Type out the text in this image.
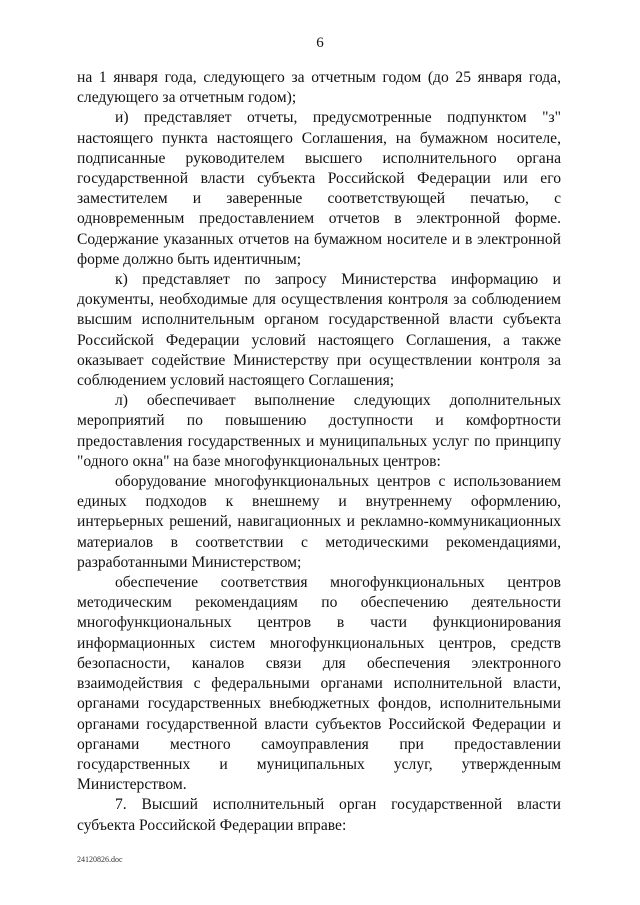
6

на 1 января года, следующего за отчетным годом (до 25 января года, следующего за отчетным годом);

и) представляет отчеты, предусмотренные подпунктом "з" настоящего пункта настоящего Соглашения, на бумажном носителе, подписанные руководителем высшего исполнительного органа государственной власти субъекта Российской Федерации или его заместителем и заверенные соответствующей печатью, с одновременным предоставлением отчетов в электронной форме. Содержание указанных отчетов на бумажном носителе и в электронной форме должно быть идентичным;

к) представляет по запросу Министерства информацию и документы, необходимые для осуществления контроля за соблюдением высшим исполнительным органом государственной власти субъекта Российской Федерации условий настоящего Соглашения, а также оказывает содействие Министерству при осуществлении контроля за соблюдением условий настоящего Соглашения;

л) обеспечивает выполнение следующих дополнительных мероприятий по повышению доступности и комфортности предоставления государственных и муниципальных услуг по принципу "одного окна" на базе многофункциональных центров:

оборудование многофункциональных центров с использованием единых подходов к внешнему и внутреннему оформлению, интерьерных решений, навигационных и рекламно-коммуникационных материалов в соответствии с методическими рекомендациями, разработанными Министерством;

обеспечение соответствия многофункциональных центров методическим рекомендациям по обеспечению деятельности многофункциональных центров в части функционирования информационных систем многофункциональных центров, средств безопасности, каналов связи для обеспечения электронного взаимодействия с федеральными органами исполнительной власти, органами государственных внебюджетных фондов, исполнительными органами государственной власти субъектов Российской Федерации и органами местного самоуправления при предоставлении государственных и муниципальных услуг, утвержденным Министерством.

7. Высший исполнительный орган государственной власти субъекта Российской Федерации вправе:

24120826.doc
